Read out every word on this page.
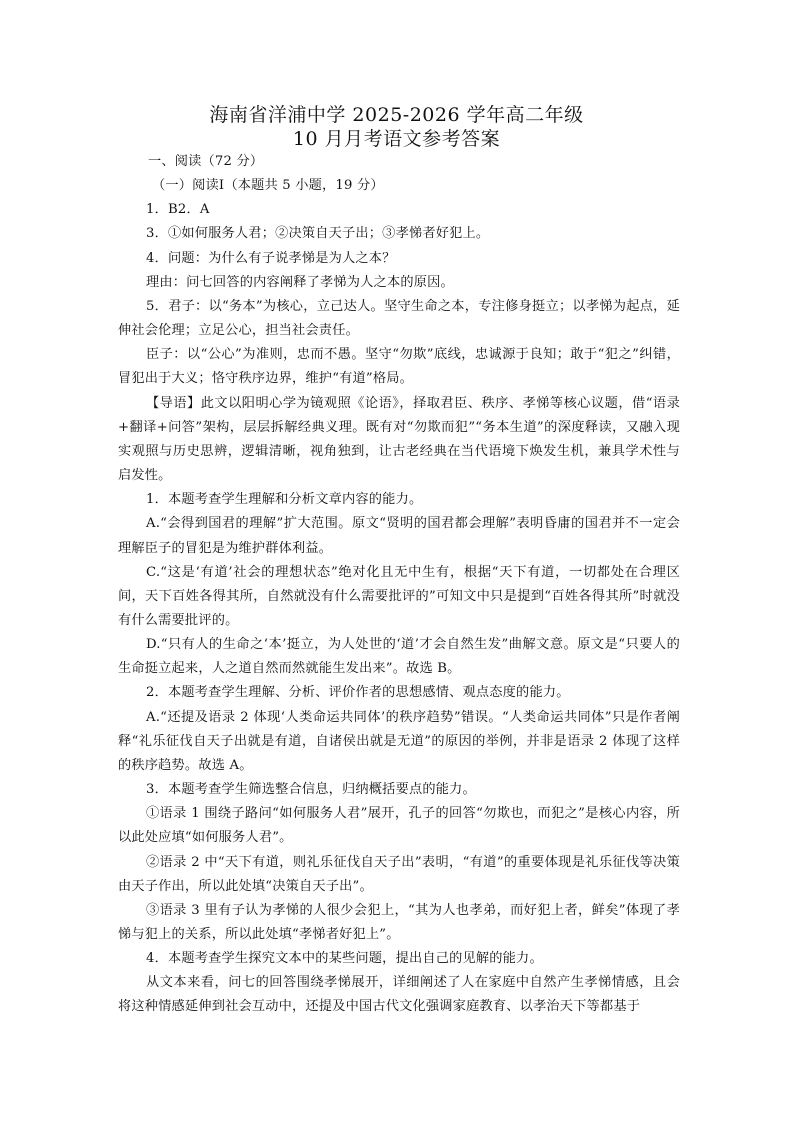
海南省洋浦中学 2025-2026 学年高二年级
10 月月考语文参考答案

一、阅读（72 分）

（一）阅读Ⅰ（本题共 5 小题，19 分）

1．B2．A

3．①如何服务人君；②决策自天子出；③孝悌者好犯上。

4．问题：为什么有子说孝悌是为人之本？

理由：问七回答的内容阐释了孝悌为人之本的原因。

5．君子：以“务本”为核心，立己达人。坚守生命之本，专注修身挺立；以孝悌为起点，延伸社会伦理；立足公心，担当社会责任。

臣子：以“公心”为准则，忠而不愚。坚守“勿欺”底线，忠诚源于良知；敢于“犯之”纠错，冒犯出于大义；恪守秩序边界，维护“有道”格局。

【导语】此文以阳明心学为镜观照《论语》，择取君臣、秩序、孝悌等核心议题，借“语录+翻译+问答”架构，层层拆解经典义理。既有对“勿欺而犯”“务本生道”的深度释读，又融入现实观照与历史思辨，逻辑清晰，视角独到，让古老经典在当代语境下焕发生机，兼具学术性与启发性。

1．本题考查学生理解和分析文章内容的能力。

A.“会得到国君的理解”扩大范围。原文“贤明的国君都会理解”表明昏庸的国君并不一定会理解臣子的冒犯是为维护群体利益。

C.“这是‘有道’社会的理想状态”绝对化且无中生有，根据“天下有道，一切都处在合理区间，天下百姓各得其所，自然就没有什么需要批评的”可知文中只是提到“百姓各得其所”时就没有什么需要批评的。

D.“只有人的生命之‘本’挺立，为人处世的‘道’才会自然生发”曲解文意。原文是“只要人的生命挺立起来，人之道自然而然就能生发出来”。故选 B。

2．本题考查学生理解、分析、评价作者的思想感情、观点态度的能力。

A.“还提及语录 2 体现‘人类命运共同体’的秩序趋势”错误。“人类命运共同体”只是作者阐释“礼乐征伐自天子出就是有道，自诸侯出就是无道”的原因的举例，并非是语录 2 体现了这样的秩序趋势。故选 A。

3．本题考查学生筛选整合信息，归纳概括要点的能力。

①语录 1 围绕子路问“如何服务人君”展开，孔子的回答“勿欺也，而犯之”是核心内容，所以此处应填“如何服务人君”。

②语录 2 中“天下有道，则礼乐征伐自天子出”表明，“有道”的重要体现是礼乐征伐等决策由天子作出，所以此处填“决策自天子出”。

③语录 3 里有子认为孝悌的人很少会犯上，“其为人也孝弟，而好犯上者，鲜矣”体现了孝悌与犯上的关系，所以此处填“孝悌者好犯上”。

4．本题考查学生探究文本中的某些问题，提出自己的见解的能力。

从文本来看，问七的回答围绕孝悌展开，详细阐述了人在家庭中自然产生孝悌情感，且会将这种情感延伸到社会互动中，还提及中国古代文化强调家庭教育、以孝治天下等都基于
